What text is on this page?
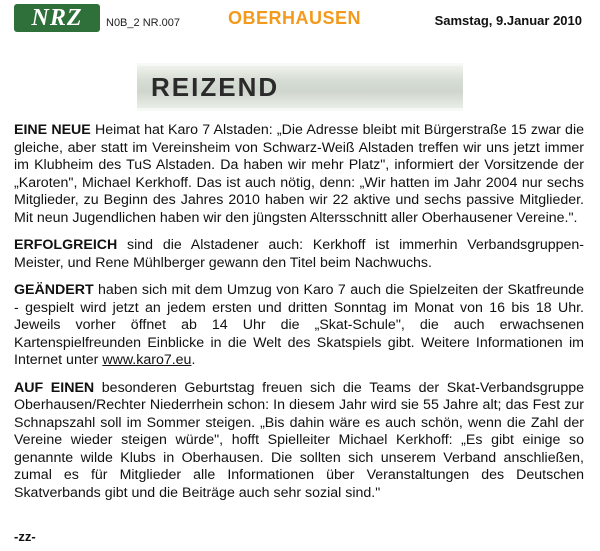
NRZ	N0B_2 NR.007	OBERHAUSEN	Samstag, 9.Januar 2010
REIZEND

EINE NEUE Heimat hat Karo 7 Alstaden: „Die Adresse bleibt mit Bürgerstraße 15 zwar die gleiche, aber statt im Vereinsheim von Schwarz-Weiß Alstaden treffen wir uns jetzt immer im Klubheim des TuS Alstaden. Da haben wir mehr Platz", informiert der Vorsitzende der „Karoten", Michael Kerkhoff. Das ist auch nötig, denn: „Wir hatten im Jahr 2004 nur sechs Mitglieder, zu Beginn des Jahres 2010 haben wir 22 aktive und sechs passive Mitglieder. Mit neun Jugendlichen haben wir den jüngsten Altersschnitt aller Oberhausener Vereine.".

ERFOLGREICH sind die Alstadener auch: Kerkhoff ist immerhin Verbandsgruppen-Meister, und Rene Mühlberger gewann den Titel beim Nachwuchs.

GEÄNDERT haben sich mit dem Umzug von Karo 7 auch die Spielzeiten der Skatfreunde - gespielt wird jetzt an jedem ersten und dritten Sonntag im Monat von 16 bis 18 Uhr. Jeweils vorher öffnet ab 14 Uhr die „Skat-Schule", die auch erwachsenen Kartenspielfreunden Einblicke in die Welt des Skatspiels gibt. Weitere Informationen im Internet unter www.karo7.eu.

AUF EINEN besonderen Geburtstag freuen sich die Teams der Skat-Verbandsgruppe Oberhausen/Rechter Niederrhein schon: In diesem Jahr wird sie 55 Jahre alt; das Fest zur Schnapszahl soll im Sommer steigen. „Bis dahin wäre es auch schön, wenn die Zahl der Vereine wieder steigen würde", hofft Spielleiter Michael Kerkhoff: „Es gibt einige so genannte wilde Klubs in Oberhausen. Die sollten sich unserem Verband anschließen, zumal es für Mitglieder alle Informationen über Veranstaltungen des Deutschen Skatverbands gibt und die Beiträge auch sehr sozial sind."

-zz-
